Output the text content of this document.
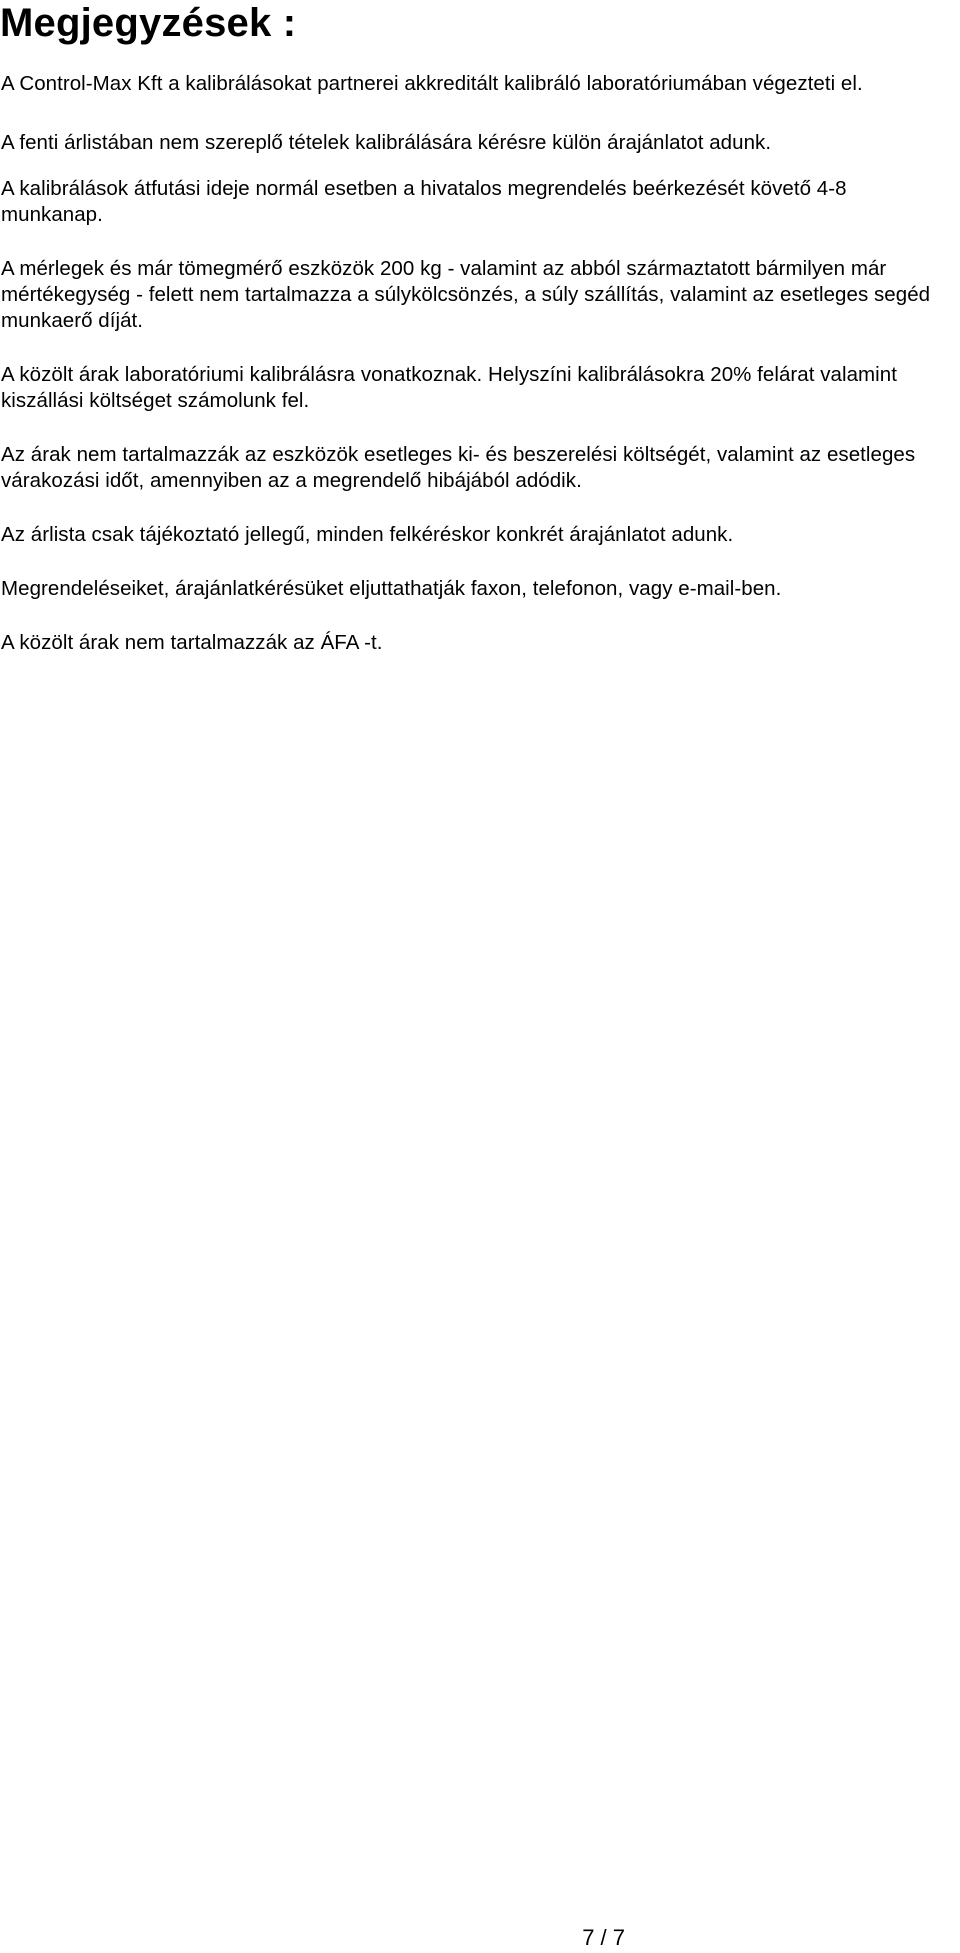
Megjegyzések :

A Control-Max Kft a kalibrálásokat partnerei akkreditált kalibráló laboratóriumában végezteti el.

A fenti árlistában nem szereplő tételek kalibrálására kérésre külön árajánlatot adunk.

A kalibrálások átfutási ideje normál esetben a hivatalos megrendelés beérkezését követő 4-8 munkanap.

A mérlegek és már tömegmérő eszközök 200 kg - valamint az abból származtatott bármilyen már mértékegység - felett nem tartalmazza a súlykölcsönzés, a súly szállítás, valamint az esetleges segéd munkaerő díját.

A közölt árak laboratóriumi kalibrálásra vonatkoznak. Helyszíni kalibrálásokra 20% felárat valamint kiszállási költséget számolunk fel.

Az árak nem tartalmazzák az eszközök esetleges ki- és beszerelési költségét, valamint az esetleges várakozási időt, amennyiben az a megrendelő hibájából adódik.

Az árlista csak tájékoztató jellegű, minden felkéréskor konkrét árajánlatot adunk.

Megrendeléseiket, árajánlatkérésüket eljuttathatják faxon, telefonon, vagy e-mail-ben.

A közölt árak nem tartalmazzák az ÁFA -t.

7 / 7
